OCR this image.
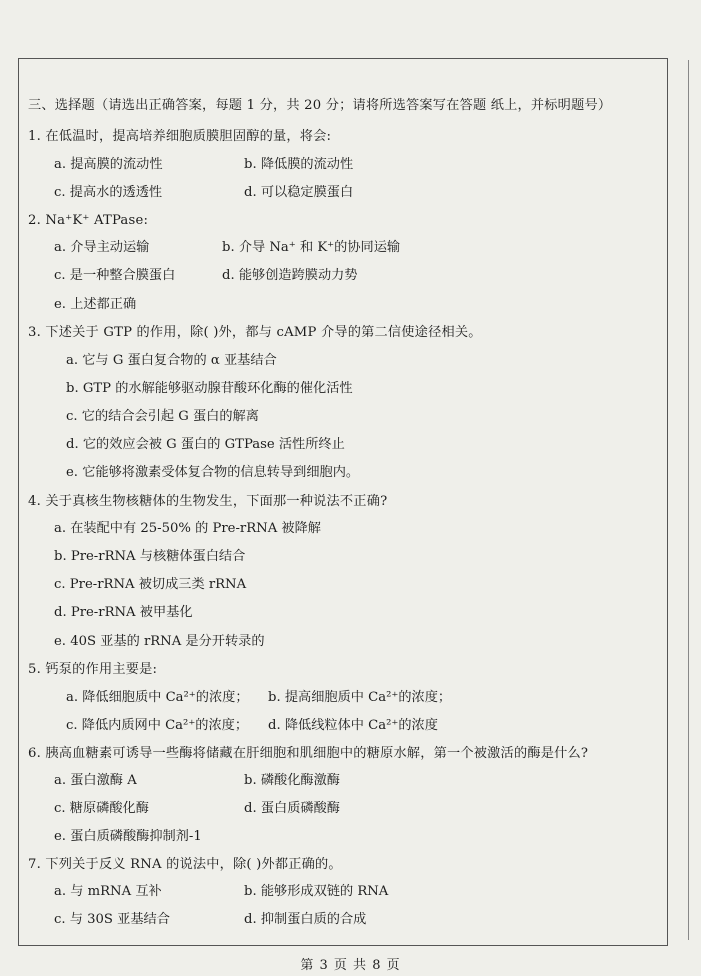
三、选择题（请选出正确答案，每题 1 分，共 20 分；请将所选答案写在答题 纸上，并标明题号）
1. 在低温时，提高培养细胞质膜胆固醇的量，将会:
a. 提高膜的流动性	b. 降低膜的流动性
c. 提高水的透透性	d. 可以稳定膜蛋白
2. Na⁺K⁺ ATPase:
a. 介导主动运输	b. 介导 Na⁺ 和 K⁺的协同运输
c. 是一种整合膜蛋白	d. 能够创造跨膜动力势
e. 上述都正确
3. 下述关于 GTP 的作用，除( )外，都与 cAMP 介导的第二信使途径相关。
a. 它与 G 蛋白复合物的 α 亚基结合
b. GTP 的水解能够驱动腺苷酸环化酶的催化活性
c. 它的结合会引起 G 蛋白的解离
d. 它的效应会被 G 蛋白的 GTPase 活性所终止
e. 它能够将激素受体复合物的信息转导到细胞内。
4. 关于真核生物核糖体的生物发生，下面那一种说法不正确?
a. 在装配中有 25-50% 的 Pre-rRNA 被降解
b. Pre-rRNA 与核糖体蛋白结合
c. Pre-rRNA 被切成三类 rRNA
d. Pre-rRNA 被甲基化
e. 40S 亚基的 rRNA 是分开转录的
5. 钙泵的作用主要是:
a. 降低细胞质中 Ca²⁺的浓度； b. 提高细胞质中 Ca²⁺的浓度；
c. 降低内质网中 Ca²⁺的浓度； d. 降低线粒体中 Ca²⁺的浓度
6. 胰高血糖素可诱导一些酶将储藏在肝细胞和肌细胞中的糖原水解，第一个被激活的酶是什么?
a. 蛋白激酶 A	b. 磷酸化酶激酶
c. 糖原磷酸化酶	d. 蛋白质磷酸酶
e. 蛋白质磷酸酶抑制剂-1
7. 下列关于反义 RNA 的说法中，除( )外都正确的。
a. 与 mRNA 互补	b. 能够形成双链的 RNA
c. 与 30S 亚基结合	d. 抑制蛋白质的合成
第 3 页 共 8 页
